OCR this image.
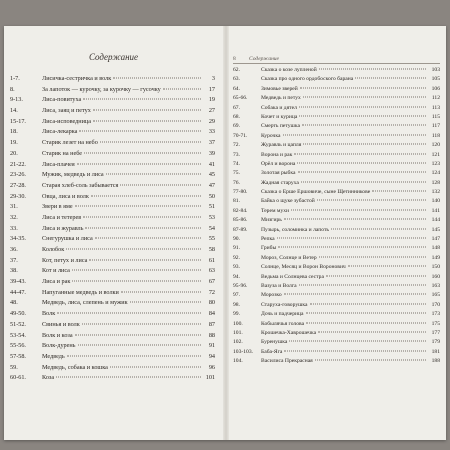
Содержание
1-7.	Лисичка-сестричка и волк	3
8.	За лапоток — курочку, за курочку — гусочку	17
9-13.	Лиса-повитуха	19
14.	Лиса, заяц и петух	27
15-17.	Лиса-исповедница	29
18.	Лиса-лекарка	33
19.	Старик лезет на небо	37
20.	Старик на небе	39
21-22.	Лиса-плачея	41
23-26.	Мужик, медведь и лиса	45
27-28.	Старая хлеб-соль забывается	47
29-30.	Овца, лиса и волк	50
31.	Звери в яме	51
32.	Лиса и тетерев	53
33.	Лиса и журавль	54
34-35.	Снегурушка и лиса	55
36.	Колобок	58
37.	Кот, петух и лиса	61
38.	Кот и лиса	63
39-43.	Лиса и рак	67
44-47.	Напуганные медведь и волки	72
48.	Медведь, лиса, слепень и мужик	80
49-50.	Волк	84
51-52.	Свинья и волк	87
53-54.	Волк и коза	88
55-56.	Волк-дурень	91
57-58.	Медведь	94
59.	Медведь, собака и кошка	96
60-61.	Коза	101
8	Содержание
62.	Сказка о козе лупленой	103
63.	Сказка про одного ордобоского барана	105
64.	Зимовье зверей	106
65-66.	Медведь и петух	112
67.	Собака и дятел	113
68.	Кочет и курица	115
69.	Смерть петушка	117
70-71.	Курочка	118
72.	Журавль и цапля	120
73.	Ворона и рак	121
74.	Орёл и ворона	123
75.	Золотая рыбка	124
76.	Жадная старуха	128
77-80.	Сказка о Ерше Ершовиче, сыне Щетинникове	132
81.	Байка о щуке зубастой	140
82-84.	Терем мухи	141
85-86.	Мизгирь	144
87-89.	Пузырь, соломинка и лапоть	145
90.	Репка	147
91.	Грибы	148
92.	Мороз, Солнце и Ветер	149
93.	Солнце, Месяц и Ворон Воронович	150
94.	Ведьма и Солнцева сестра	160
95-96.	Вазуза и Волга	163
97.	Морозко	165
98.	Старуха-говорушка	170
99.	Дочь и падчерица	173
100.	Кобылячья голова	175
101.	Крошечка-Хаврошечка	177
102.	Буренушка	179
103-103.	Баба-Яга	181
104.	Василиса Прекрасная	188
